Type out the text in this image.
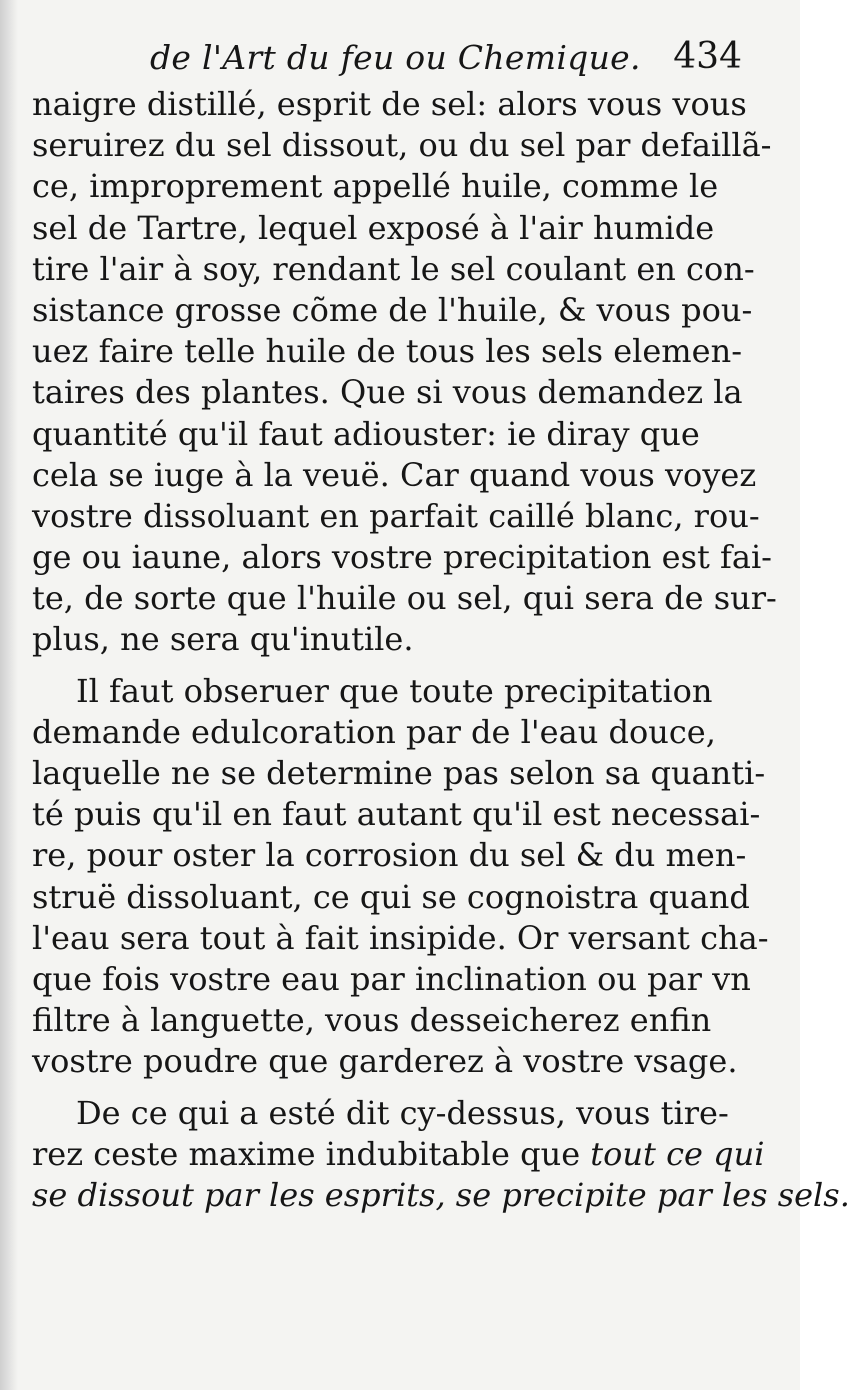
de l'Art du feu ou Chemique. 434
naigre distillé, esprit de sel: alors vous vous
seruirez du sel dissout, ou du sel par defaillã-
ce, improprement appellé huile, comme le
sel de Tartre, lequel exposé à l'air humide
tire l'air à soy, rendant le sel coulant en con-
sistance grosse cõme de l'huile, & vous pou-
uez faire telle huile de tous les sels elemen-
taires des plantes. Que si vous demandez la
quantité qu'il faut adiouster: ie diray que
cela se iuge à la veuë. Car quand vous voyez
vostre dissoluant en parfait caillé blanc, rou-
ge ou iaune, alors vostre precipitation est fai-
te, de sorte que l'huile ou sel, qui sera de sur-
plus, ne sera qu'inutile.
Il faut obseruer que toute precipitation
demande edulcoration par de l'eau douce,
laquelle ne se determine pas selon sa quanti-
té puis qu'il en faut autant qu'il est necessai-
re, pour oster la corrosion du sel & du men-
struë dissoluant, ce qui se cognoistra quand
l'eau sera tout à fait insipide. Or versant cha-
que fois vostre eau par inclination ou par vn
filtre à languette, vous desseicherez enfin
vostre poudre que garderez à vostre vsage.
De ce qui a esté dit cy-dessus, vous tire-
rez ceste maxime indubitable que tout ce qui
se dissout par les esprits, se precipite par les sels.
